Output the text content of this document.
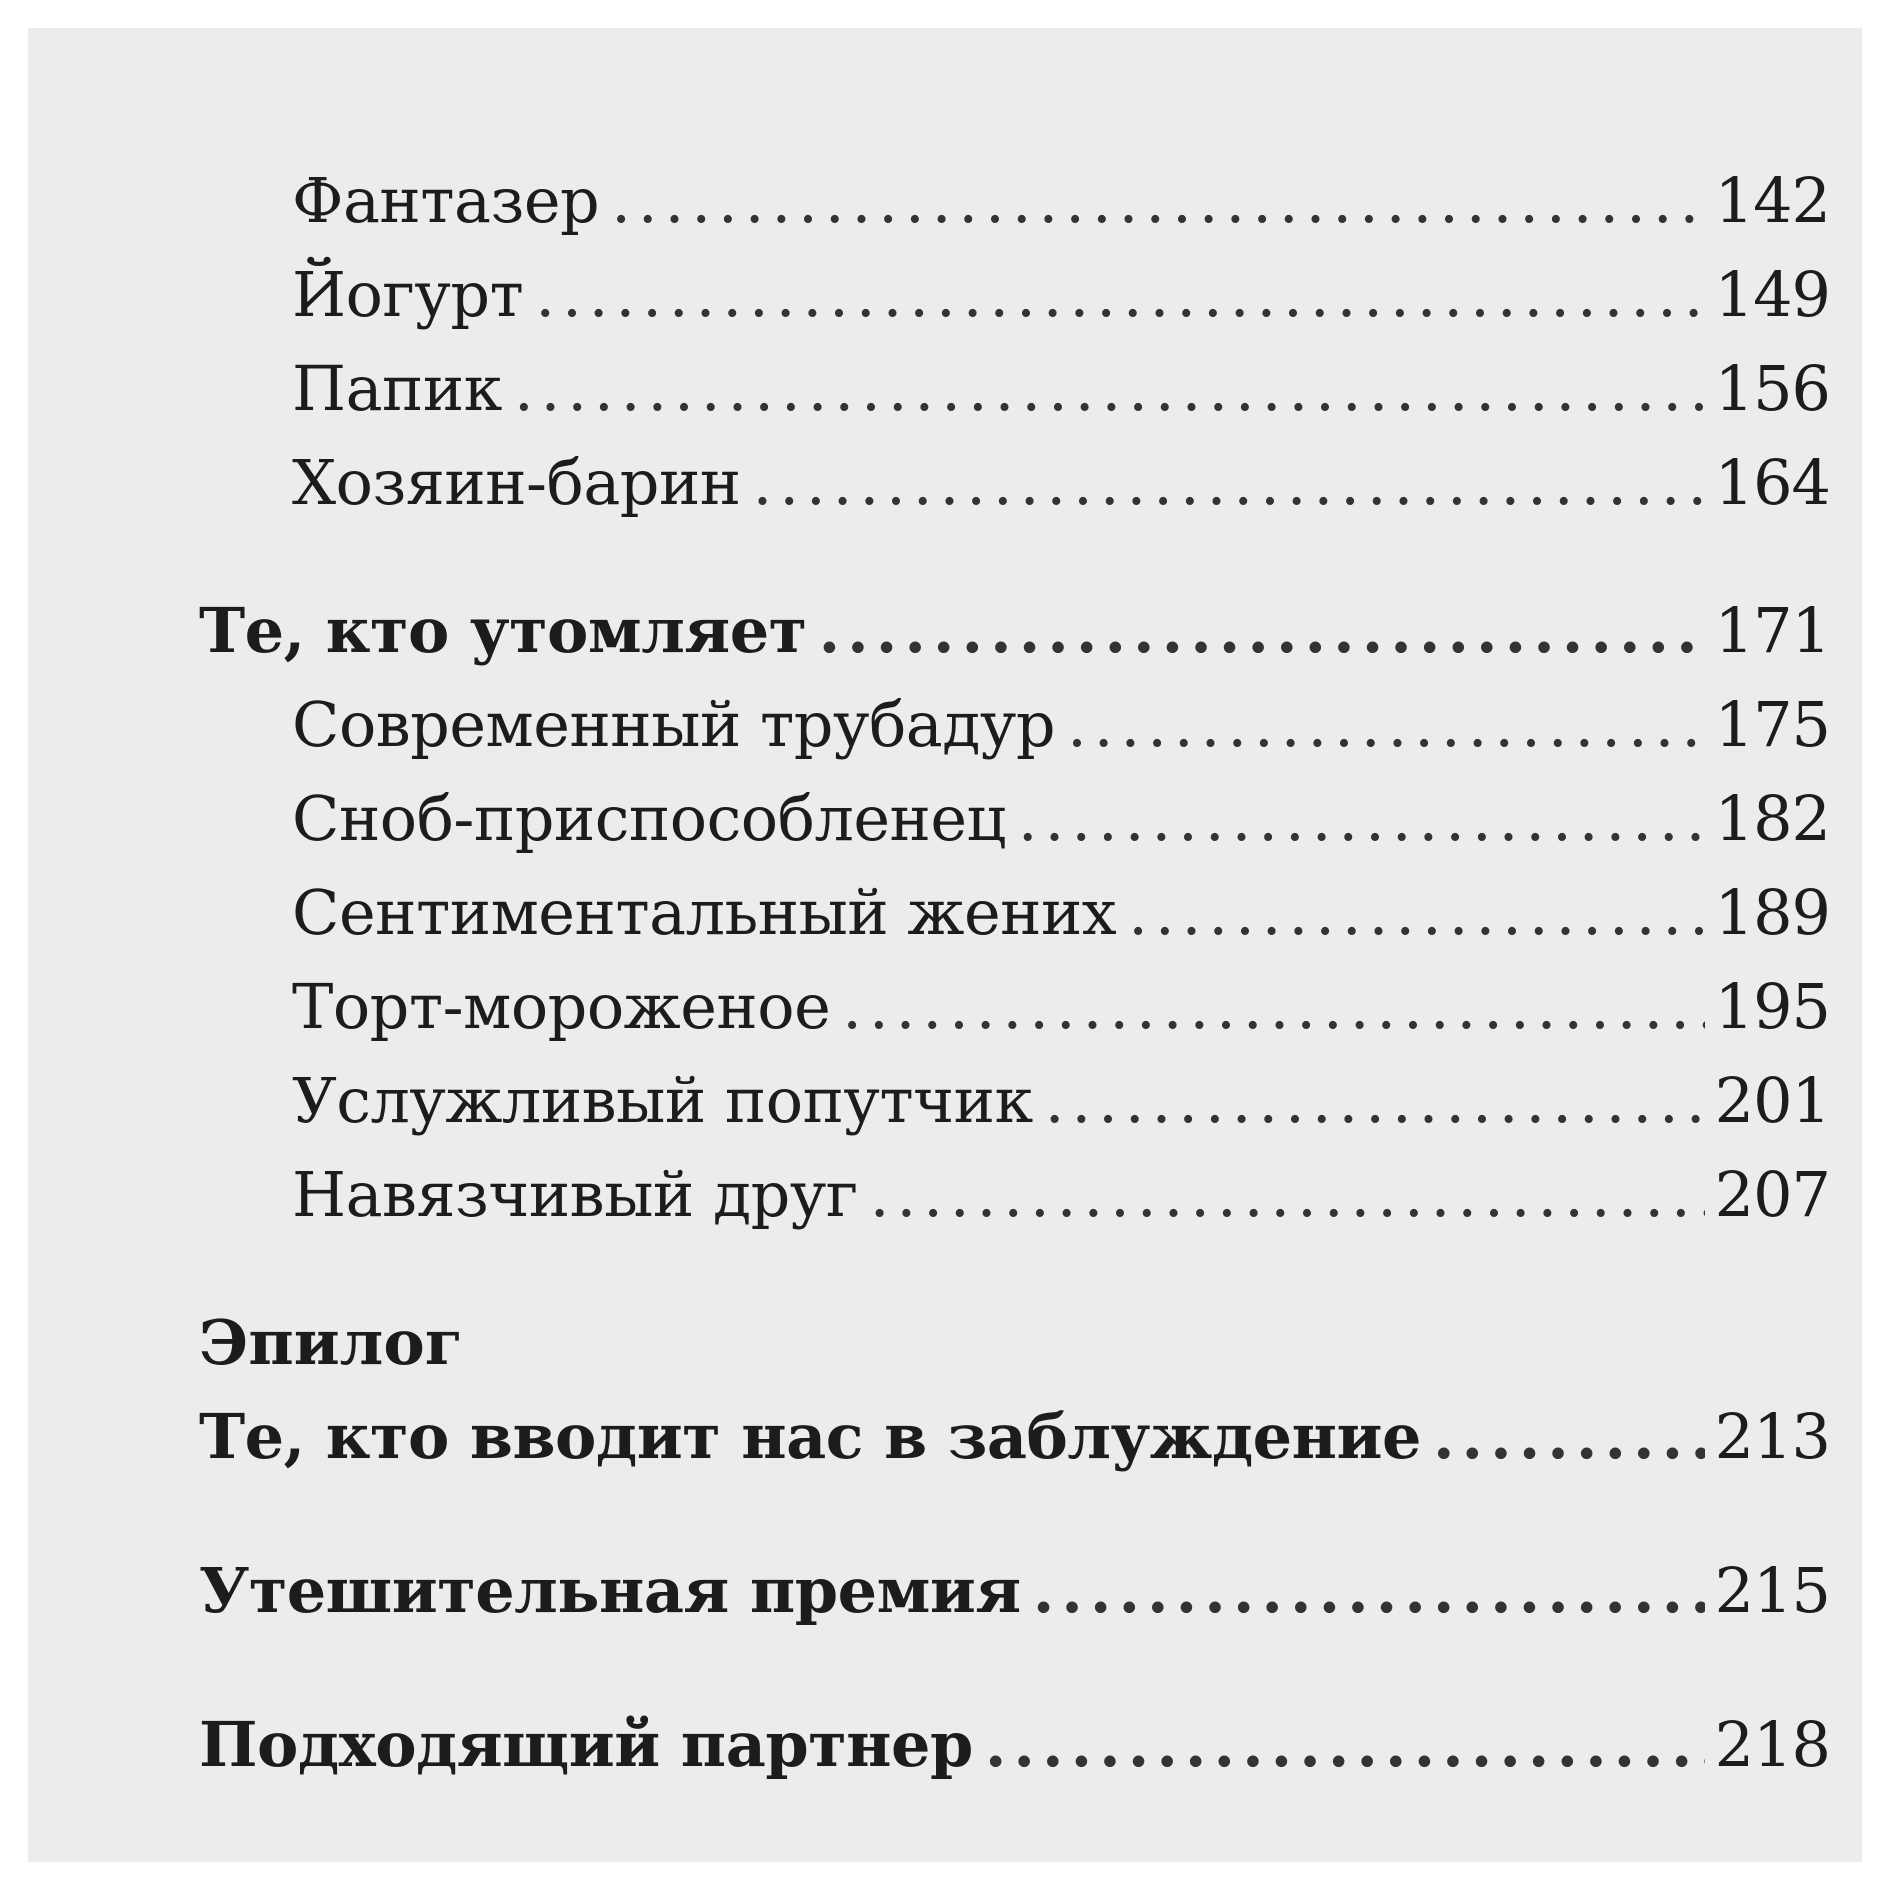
Фантазер .....	142
Йогурт .....	149
Папик .....	156
Хозяин-барин .....	164
Те, кто утомляет .....	171
Современный трубадур .....	175
Сноб-приспособленец .....	182
Сентиментальный жених .....	189
Торт-мороженое .....	195
Услужливый попутчик .....	201
Навязчивый друг .....	207
Эпилог
Те, кто вводит нас в заблуждение .....	213
Утешительная премия .....	215
Подходящий партнер .....	218
